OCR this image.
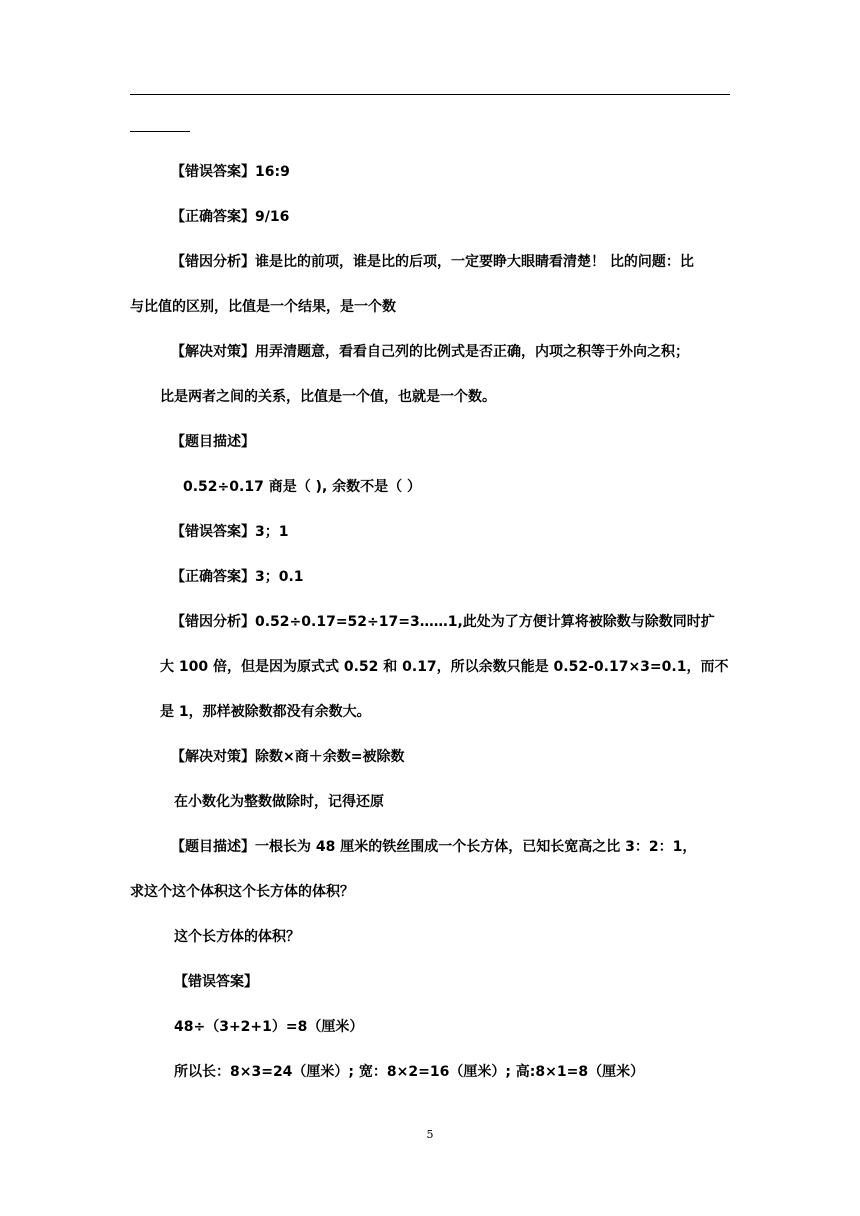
【错误答案】16:9
【正确答案】9/16
【错因分析】谁是比的前项，谁是比的后项，一定要睁大眼睛看清楚！ 比的问题：比
与比值的区别，比值是一个结果，是一个数
【解决对策】用弄清题意，看看自己列的比例式是否正确，内项之积等于外向之积；
比是两者之间的关系，比值是一个值，也就是一个数。
【题目描述】
0.52÷0.17 商是（ ), 余数不是（ ）
【错误答案】3；1
【正确答案】3；0.1
【错因分析】0.52÷0.17=52÷17=3……1,此处为了方便计算将被除数与除数同时扩
大 100 倍，但是因为原式式 0.52 和 0.17，所以余数只能是 0.52-0.17×3=0.1，而不
是 1，那样被除数都没有余数大。
【解决对策】除数×商＋余数=被除数
在小数化为整数做除时，记得还原
【题目描述】一根长为 48 厘米的铁丝围成一个长方体，已知长宽高之比 3：2：1，
求这个这个体积这个长方体的体积？
这个长方体的体积？
【错误答案】
48÷（3+2+1）=8（厘米）
所以长：8×3=24（厘米）; 宽：8×2=16（厘米）; 高:8×1=8（厘米）
5
